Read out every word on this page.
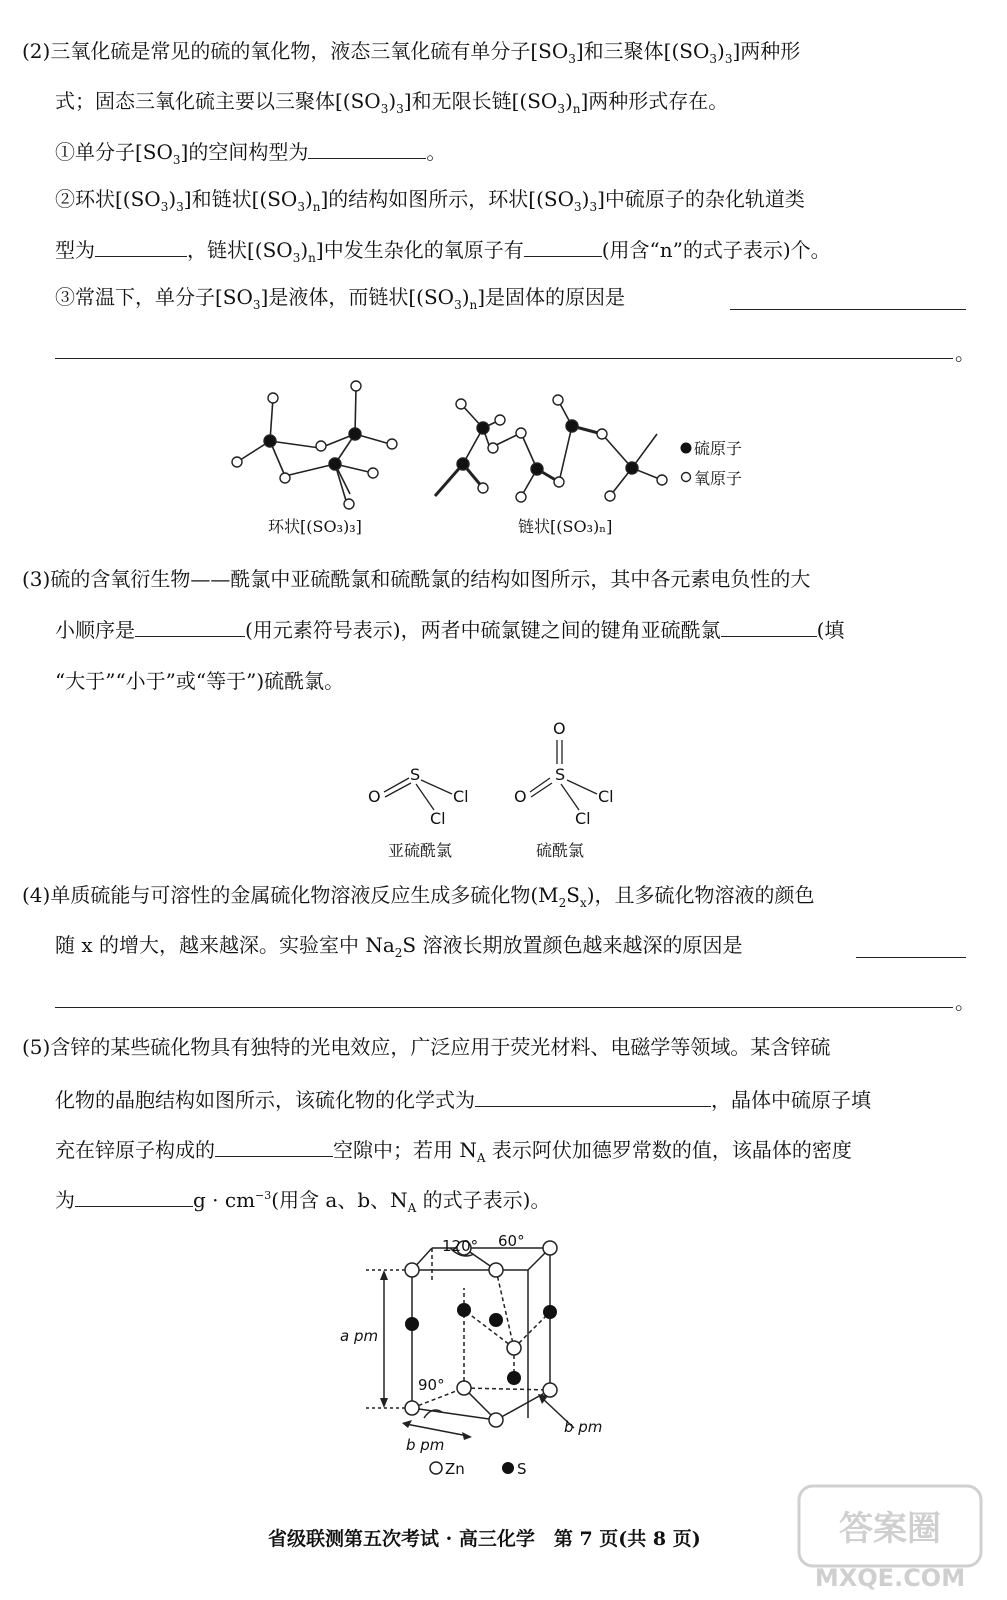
(2)三氧化硫是常见的硫的氧化物，液态三氧化硫有单分子$[SO_3]$和三聚体$[(SO_3)_3]$两种形
式；固态三氧化硫主要以三聚体$[(SO_3)_3]$和无限长链$[(SO_3)_n]$两种形式存在。
①单分子$[SO_3]$的空间构型为	。
②环状$[(SO_3)_3]$和链状$[(SO_3)_n]$的结构如图所示，环状$[(SO_3)_3]$中硫原子的杂化轨道类
型为	，链状$[(SO_3)_n]$中发生杂化的氧原子有	(用含“n”的式子表示)个。
③常温下，单分子$[SO_3]$是液体，而链状$[(SO_3)_n]$是固体的原因是
。
硫原子
氧原子
环状[(SO₃)₃]	链状[(SO₃)ₙ]
(3)硫的含氧衍生物——酰氯中亚硫酰氯和硫酰氯的结构如图所示，其中各元素电负性的大
小顺序是	(用元素符号表示)，两者中硫氯键之间的键角亚硫酰氯	(填
“大于”“小于”或“等于”)硫酰氯。
O
S
Cl
Cl
O
O
S
Cl
Cl
亚硫酰氯	硫酰氯
(4)单质硫能与可溶性的金属硫化物溶液反应生成多硫化物$(M_2S_x)$，且多硫化物溶液的颜色
随 x 的增大，越来越深。实验室中 $Na_2S$ 溶液长期放置颜色越来越深的原因是
。
(5)含锌的某些硫化物具有独特的光电效应，广泛应用于荧光材料、电磁学等领域。某含锌硫
化物的晶胞结构如图所示，该硫化物的化学式为	，晶体中硫原子填
充在锌原子构成的	空隙中；若用 $N_A$ 表示阿伏加德罗常数的值，该晶体的密度
为	$g \cdot cm^{-3}$(用含 a、b、$N_A$ 的式子表示)。
120° 60°
90°
a pm
b pm
b pm
Zn	S
省级联测第五次考试 · 高三化学　第 7 页(共 8 页)	答案圈
MXQE.COM
